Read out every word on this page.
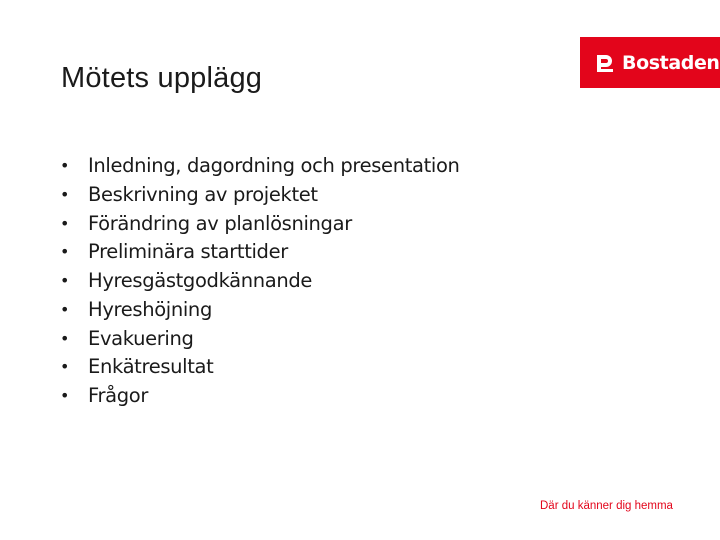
Mötets upplägg	Bostaden
• Inledning, dagordning och presentation
• Beskrivning av projektet
• Förändring av planlösningar
• Preliminära starttider
• Hyresgästgodkännande
• Hyreshöjning
• Evakuering
• Enkätresultat
• Frågor
Där du känner dig hemma
